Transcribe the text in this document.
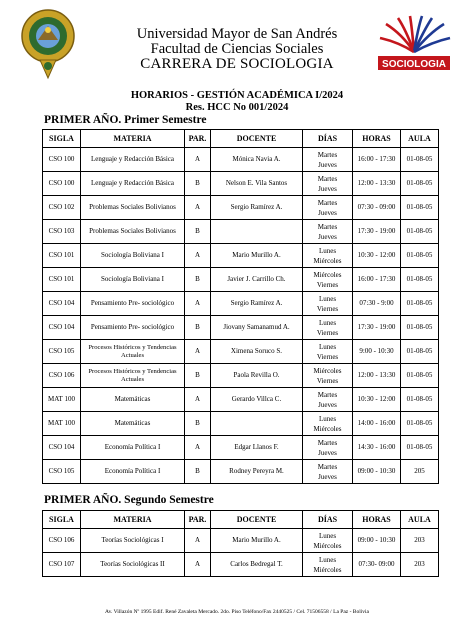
SOCIOLOGIA
Universidad Mayor de San Andrés
Facultad de Ciencias Sociales
CARRERA DE SOCIOLOGIA
HORARIOS - GESTIÓN ACADÉMICA I/2024
Res. HCC No 001/2024
PRIMER AÑO. Primer Semestre
SIGLA	MATERIA	PAR.	DOCENTE	DÍAS	HORAS	AULA
CSO 100	Lenguaje y Redacción Básica	A	Mónica Navia A.	Martes
Jueves	16:00 - 17:30	01-08-05
CSO 100	Lenguaje y Redacción Básica	B	Nelson E. Vila Santos	Martes
Jueves	12:00 - 13:30	01-08-05
CSO 102	Problemas Sociales Bolivianos	A	Sergio Ramírez A.	Martes
Jueves	07:30 - 09:00	01-08-05
CSO 103	Problemas Sociales Bolivianos	B		Martes
Jueves	17:30 - 19:00	01-08-05
CSO 101	Sociología Boliviana I	A	Mario Murillo A.	Lunes
Miércoles	10:30 - 12:00	01-08-05
CSO 101	Sociología Boliviana I	B	Javier J. Carrillo Ch.	Miércoles
Viernes	16:00 - 17:30	01-08-05
CSO 104	Pensamiento Pre- sociológico	A	Sergio Ramírez A.	Lunes
Viernes	07:30 - 9:00	01-08-05
CSO 104	Pensamiento Pre- sociológico	B	Jiovany Samanamud A.	Lunes
Viernes	17:30 - 19:00	01-08-05
CSO 105	Procesos Históricos y Tendencias Actuales	A	Ximena Soruco S.	Lunes
Viernes	9:00 - 10:30	01-08-05
CSO 106	Procesos Históricos y Tendencias Actuales	B	Paola Revilla O.	Miércoles
Viernes	12:00 - 13:30	01-08-05
MAT 100	Matemáticas	A	Gerardo Villca C.	Martes
Jueves	10:30 - 12:00	01-08-05
MAT 100	Matemáticas	B		Lunes
Miércoles	14:00 - 16:00	01-08-05
CSO 104	Economía Política I	A	Edgar Llanos F.	Martes
Jueves	14:30 - 16:00	01-08-05
CSO 105	Economía Política I	B	Rodney Pereyra M.	Martes
Jueves	09:00 - 10:30	205
PRIMER AÑO. Segundo Semestre
SIGLA	MATERIA	PAR.	DOCENTE	DÍAS	HORAS	AULA
CSO 106	Teorías Sociológicas I	A	Mario Murillo A.	Lunes
Miércoles	09:00 - 10:30	203
CSO 107	Teorías Sociológicas II	A	Carlos Bedregal T.	Lunes
Miércoles	07:30- 09:00	203
Av. Villazón Nº 1995 Edif. René Zavaleta Mercado. 2do. Piso Teléfono/Fax 2440525 / Cel. 71506558 / La Paz - Bolivia
